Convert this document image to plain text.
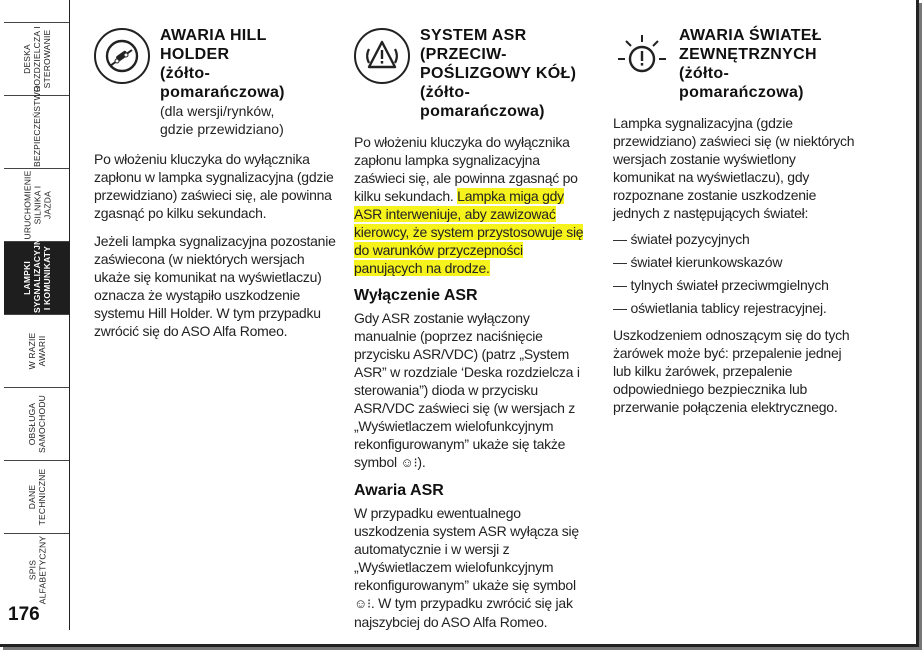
DESKA
ROZDZIELCZA I
STEROWANIE
BEZPIECZEŃSTWO
URUCHOMIENIE
SILNIKA I JAZDA
LAMPKI
SYGNALIZACYJNE
I KOMUNIKATY
W RAZIE
AWARII
OBSŁUGA
SAMOCHODU
DANE
TECHNICZNE
SPIS
ALFABETYCZNY
176
AWARIA HILL
HOLDER
(żółto-
pomarańczowa)
(dla wersji/rynków,
gdzie przewidziano)

Po włożeniu kluczyka do wyłącznika zapłonu w lampka sygnalizacyjna (gdzie przewidziano) zaświeci się, ale powinna zgasnąć po kilku sekundach.

Jeżeli lampka sygnalizacyjna pozostanie zaświecona (w niektórych wersjach ukaże się komunikat na wyświetlaczu) oznacza że wystąpiło uszkodzenie systemu Hill Holder. W tym przypadku zwrócić się do ASO Alfa Romeo.

SYSTEM ASR
(PRZECIW-
POŚLIZGOWY KÓŁ)
(żółto-
pomarańczowa)

Po włożeniu kluczyka do wyłącznika zapłonu lampka sygnalizacyjna zaświeci się, ale powinna zgasnąć po kilku sekundach. Lampka miga gdy ASR interweniuje, aby zawizować kierowcy, że system przystosowuje się do warunków przyczepności panujących na drodze.

Wyłączenie ASR

Gdy ASR zostanie wyłączony manualnie (poprzez naciśnięcie przycisku ASR/VDC) (patrz „System ASR” w rozdziale ‘Deska rozdzielcza i sterowania”) dioda w przycisku ASR/VDC zaświeci się (w wersjach z „Wyświetlaczem wielofunkcyjnym rekonfigurowanym” ukaże się także symbol ☺⁝).

Awaria ASR

W przypadku ewentualnego uszkodzenia system ASR wyłącza się automatycznie i w wersji z „Wyświetlaczem wielofunkcyjnym rekonfigurowanym” ukaże się symbol ☺⁝. W tym przypadku zwrócić się jak najszybciej do ASO Alfa Romeo.

AWARIA ŚWIATEŁ
ZEWNĘTRZNYCH
(żółto-
pomarańczowa)

Lampka sygnalizacyjna (gdzie przewidziano) zaświeci się (w niektórych wersjach zostanie wyświetlony komunikat na wyświetlaczu), gdy rozpoznane zostanie uszkodzenie jednych z następujących świateł:

— świateł pozycyjnych
— świateł kierunkowskazów
— tylnych świateł przeciwmgielnych
— oświetlania tablicy rejestracyjnej.

Uszkodzeniem odnoszącym się do tych żarówek może być: przepalenie jednej lub kilku żarówek, przepalenie odpowiedniego bezpiecznika lub przerwanie połączenia elektrycznego.
